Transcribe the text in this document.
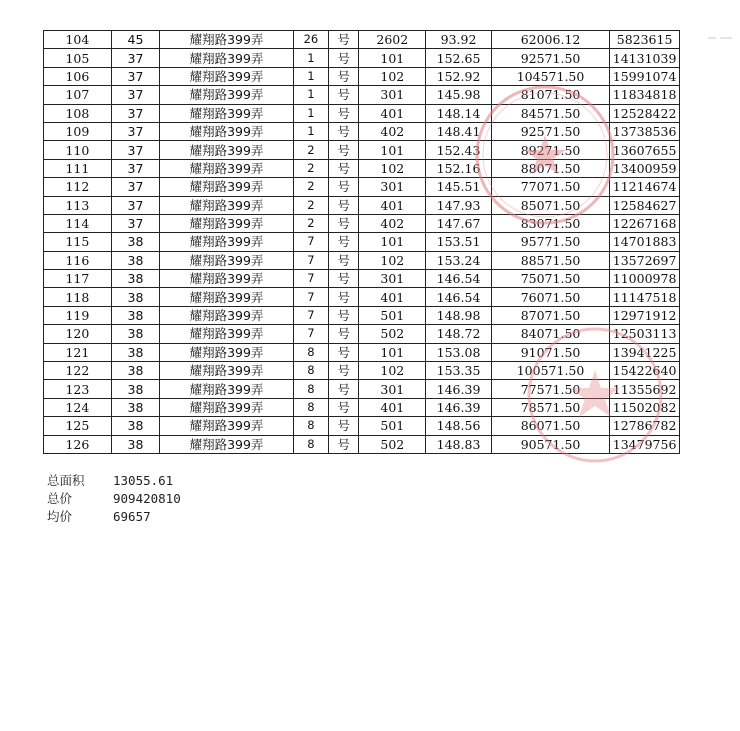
104	45	耀翔路399弄	26	号	2602	93.92	62006.12	5823615
105	37	耀翔路399弄	1	号	101	152.65	92571.50	14131039
106	37	耀翔路399弄	1	号	102	152.92	104571.50	15991074
107	37	耀翔路399弄	1	号	301	145.98	81071.50	11834818
108	37	耀翔路399弄	1	号	401	148.14	84571.50	12528422
109	37	耀翔路399弄	1	号	402	148.41	92571.50	13738536
110	37	耀翔路399弄	2	号	101	152.43	89271.50	13607655
111	37	耀翔路399弄	2	号	102	152.16	88071.50	13400959
112	37	耀翔路399弄	2	号	301	145.51	77071.50	11214674
113	37	耀翔路399弄	2	号	401	147.93	85071.50	12584627
114	37	耀翔路399弄	2	号	402	147.67	83071.50	12267168
115	38	耀翔路399弄	7	号	101	153.51	95771.50	14701883
116	38	耀翔路399弄	7	号	102	153.24	88571.50	13572697
117	38	耀翔路399弄	7	号	301	146.54	75071.50	11000978
118	38	耀翔路399弄	7	号	401	146.54	76071.50	11147518
119	38	耀翔路399弄	7	号	501	148.98	87071.50	12971912
120	38	耀翔路399弄	7	号	502	148.72	84071.50	12503113
121	38	耀翔路399弄	8	号	101	153.08	91071.50	13941225
122	38	耀翔路399弄	8	号	102	153.35	100571.50	15422640
123	38	耀翔路399弄	8	号	301	146.39	77571.50	11355692
124	38	耀翔路399弄	8	号	401	146.39	78571.50	11502082
125	38	耀翔路399弄	8	号	501	148.56	86071.50	12786782
126	38	耀翔路399弄	8	号	502	148.83	90571.50	13479756
总面积	13055.61
总价	909420810
均价	69657
